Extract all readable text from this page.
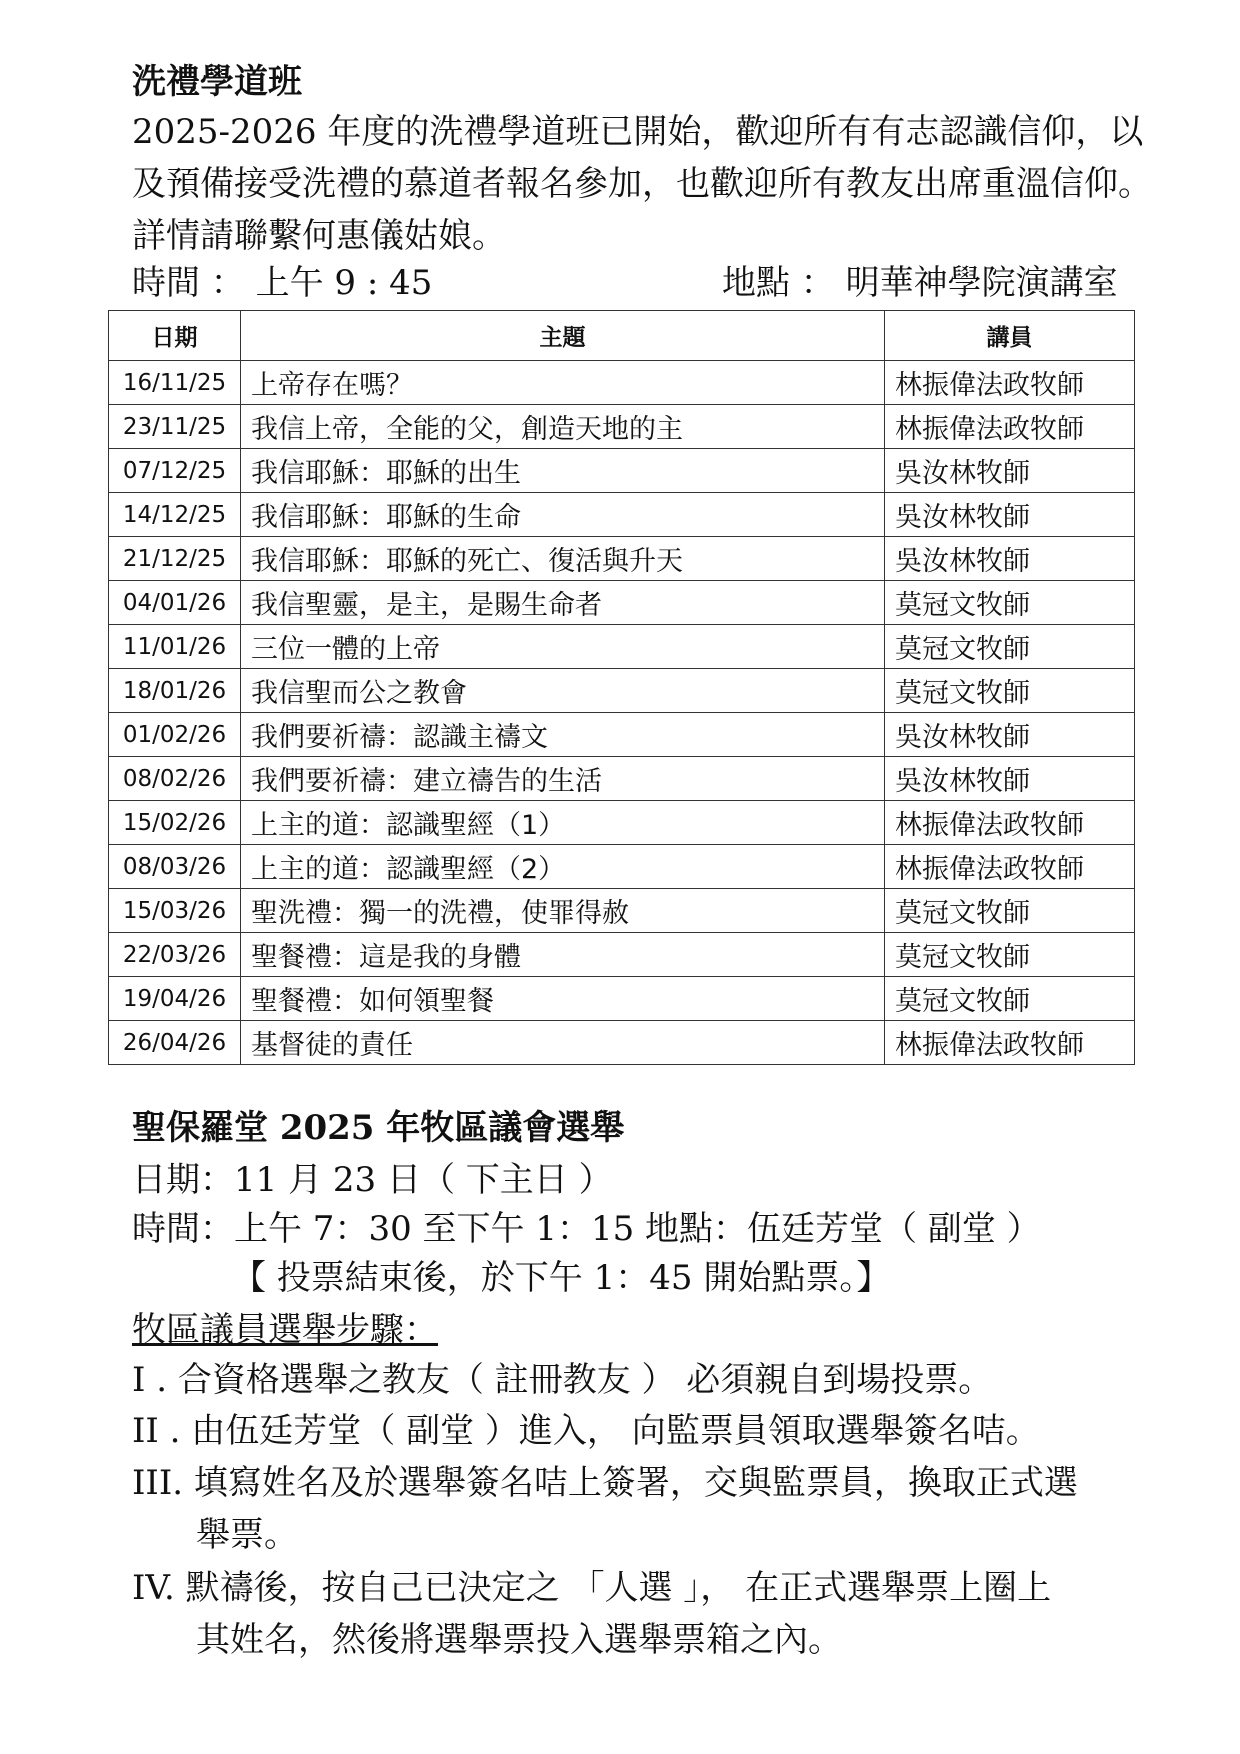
洗禮學道班
2025-2026 年度的洗禮學道班已開始，歡迎所有有志認識信仰，以
及預備接受洗禮的慕道者報名參加，也歡迎所有教友出席重溫信仰。
詳情請聯繫何惠儀姑娘。
時間 ： 上午 9 : 45	地點 ： 明華神學院演講室
日期	主題	講員
16/11/25	上帝存在嗎？	林振偉法政牧師
23/11/25	我信上帝，全能的父，創造天地的主	林振偉法政牧師
07/12/25	我信耶穌：耶穌的出生	吳汝林牧師
14/12/25	我信耶穌：耶穌的生命	吳汝林牧師
21/12/25	我信耶穌：耶穌的死亡、復活與升天	吳汝林牧師
04/01/26	我信聖靈，是主，是賜生命者	莫冠文牧師
11/01/26	三位一體的上帝	莫冠文牧師
18/01/26	我信聖而公之教會	莫冠文牧師
01/02/26	我們要祈禱：認識主禱文	吳汝林牧師
08/02/26	我們要祈禱：建立禱告的生活	吳汝林牧師
15/02/26	上主的道：認識聖經（1）	林振偉法政牧師
08/03/26	上主的道：認識聖經（2）	林振偉法政牧師
15/03/26	聖洗禮：獨一的洗禮，使罪得赦	莫冠文牧師
22/03/26	聖餐禮：這是我的身體	莫冠文牧師
19/04/26	聖餐禮：如何領聖餐	莫冠文牧師
26/04/26	基督徒的責任	林振偉法政牧師
聖保羅堂 2025 年牧區議會選舉
日期：11 月 23 日（ 下主日 ）
時間：上午 7：30 至下午 1：15 地點：伍廷芳堂（ 副堂 ）
【 投票結束後，於下午 1：45 開始點票。】
牧區議員選舉步驟：
I . 合資格選舉之教友（ 註冊教友 ） 必須親自到場投票。
II . 由伍廷芳堂（ 副堂 ）進入， 向監票員領取選舉簽名咭。
III. 填寫姓名及於選舉簽名咭上簽署，交與監票員，換取正式選
舉票。
IV. 默禱後，按自己已決定之 「人選 」， 在正式選舉票上圈上
其姓名，然後將選舉票投入選舉票箱之內。
